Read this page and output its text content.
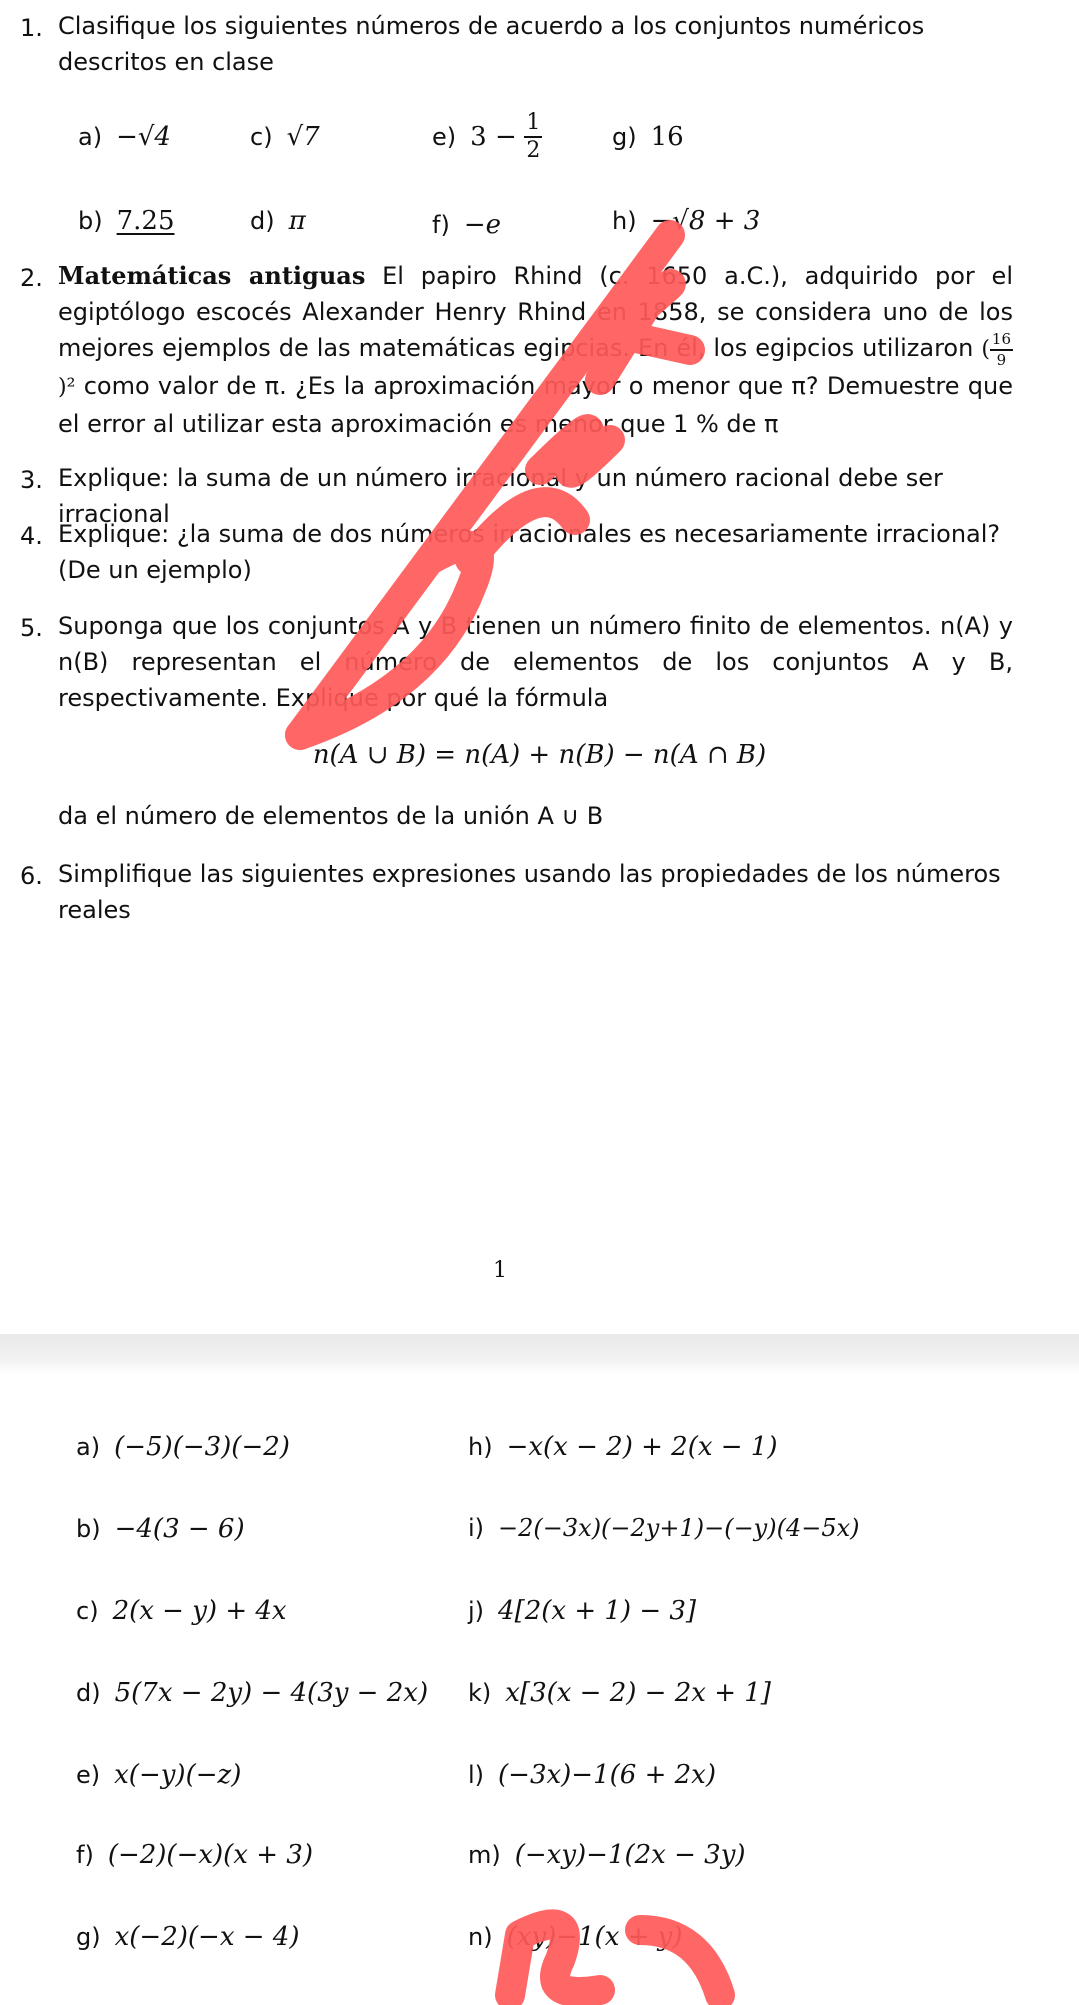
1. Clasifique los siguientes números de acuerdo a los conjuntos numéricos descritos en clase
a) −√4	c) √7	e) $3 - \frac{1}{2}$	g) 16
b) 7.25	d) π	f) −e	h) −√8 + 3
2. Matemáticas antiguas El papiro Rhind (c. 1650 a.C.), adquirido por el egiptólogo escocés Alexander Henry Rhind en 1858, se considera uno de los mejores ejemplos de las matemáticas egipcias. En él, los egipcios utilizaron ( $\frac{16}{9}$
)² como valor de π. ¿Es la aproximación mayor o menor que π? Demuestre que el error al utilizar esta aproximación es menor que 1 % de π
3. Explique: la suma de un número irracional y un número racional debe ser irracional
4. Explique: ¿la suma de dos números irracionales es necesariamente irracional? (De un ejemplo)
5. Suponga que los conjuntos A y B tienen un número finito de elementos. n(A) y n(B) representan el número de elementos de los conjuntos A y B, respectivamente. Explique por qué la fórmula
n(A ∪ B) = n(A) + n(B) − n(A ∩ B)
da el número de elementos de la unión A ∪ B
6. Simplifique las siguientes expresiones usando las propiedades de los números reales
1
a) (−5)(−3)(−2)
b) −4(3 − 6)
c) 2(x − y) + 4x
d) 5(7x − 2y) − 4(3y − 2x)
e) x(−y)(−z)
f) (−2)(−x)(x + 3)
g) x(−2)(−x − 4)
h) −x(x − 2) + 2(x − 1)
i) −2(−3x)(−2y+1)−(−y)(4−5x)
j) 4[2(x + 1) − 3]
k) x[3(x − 2) − 2x + 1]
l) (−3x)−1(6 + 2x)
m) (−xy)−1(2x − 3y)
n) (xy)−1(x + y)
